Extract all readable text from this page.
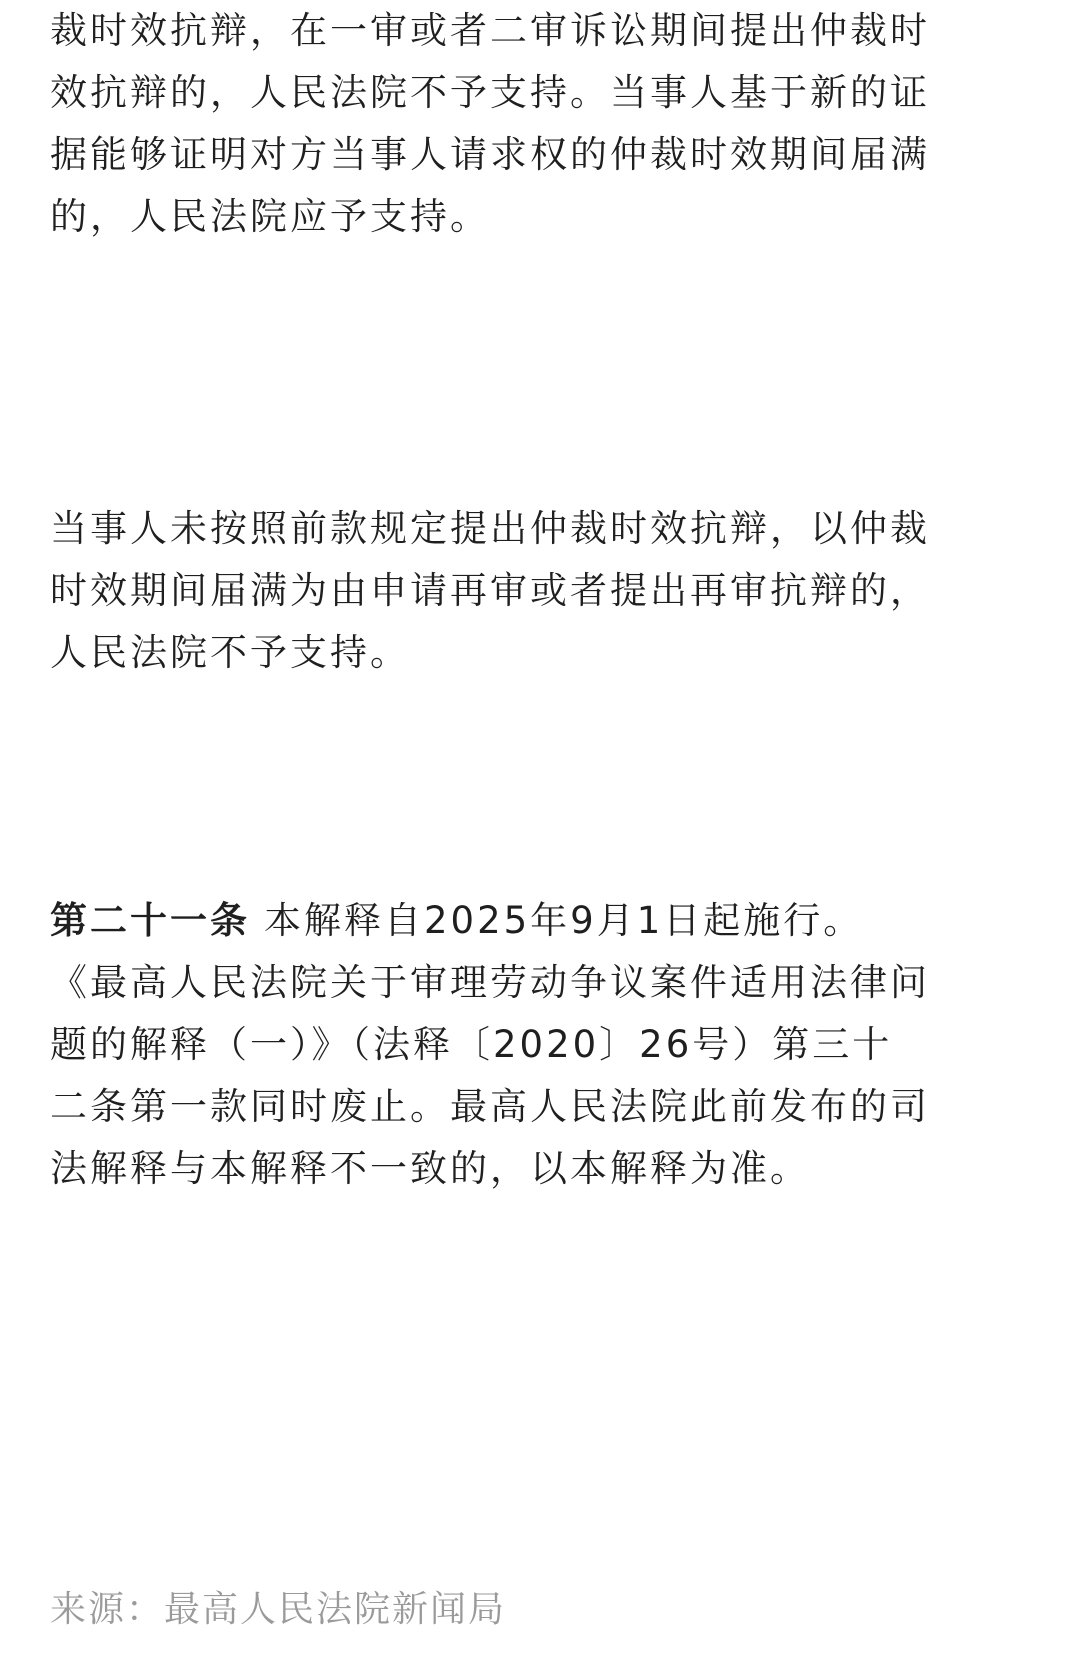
裁时效抗辩，在一审或者二审诉讼期间提出仲裁时
效抗辩的，人民法院不予支持。当事人基于新的证
据能够证明对方当事人请求权的仲裁时效期间届满
的，人民法院应予支持。
当事人未按照前款规定提出仲裁时效抗辩，以仲裁
时效期间届满为由申请再审或者提出再审抗辩的，
人民法院不予支持。
第二十一条 本解释自2025年9月1日起施行。
《最高人民法院关于审理劳动争议案件适用法律问
题的解释（一）》（法释〔2020〕26号）第三十
二条第一款同时废止。最高人民法院此前发布的司
法解释与本解释不一致的，以本解释为准。
来源：最高人民法院新闻局
